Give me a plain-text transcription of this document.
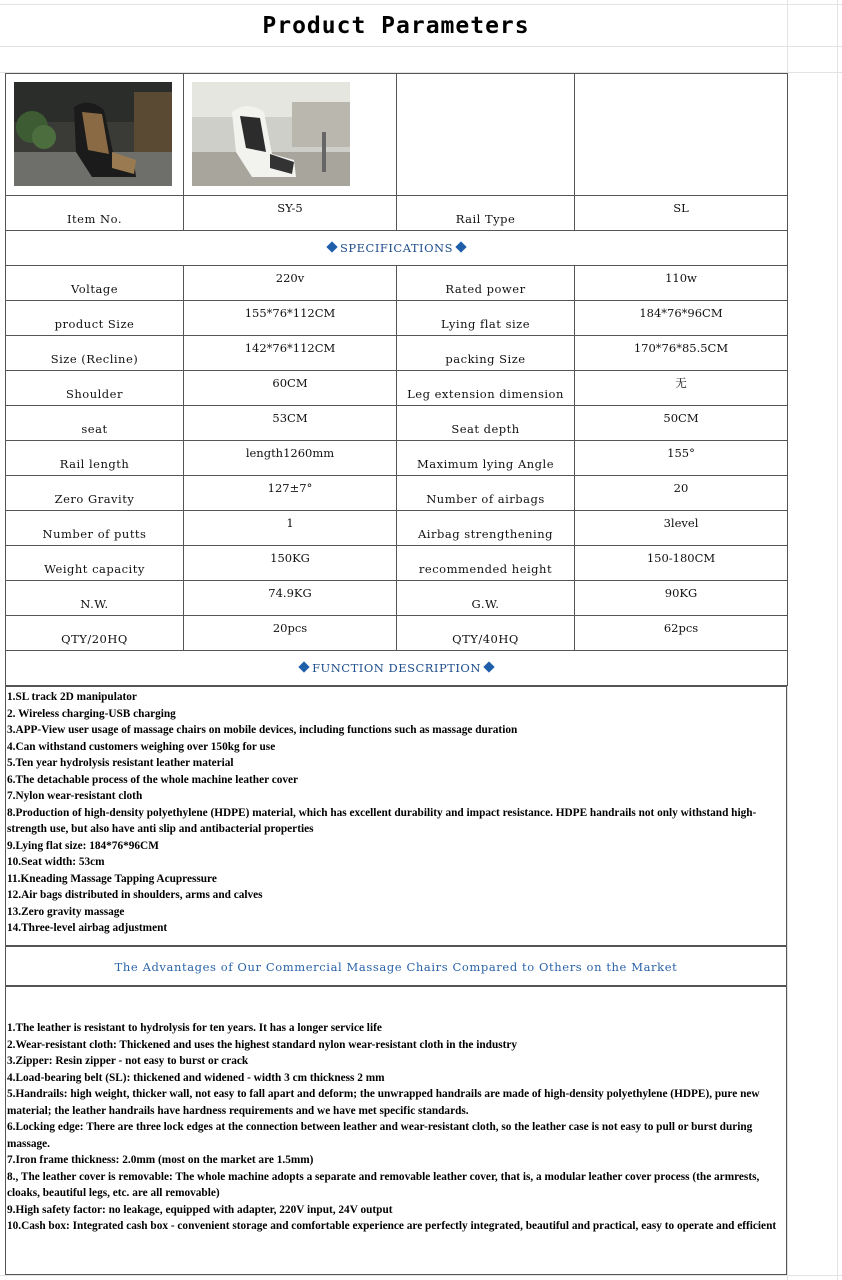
Product Parameters

Item No.	SY-5	Rail Type	SL

SPECIFICATIONS			

Voltage	220v	Rated power	110w

product Size	155*76*112CM	Lying flat size	184*76*96CM

Size (Recline)	142*76*112CM	packing Size	170*76*85.5CM

Shoulder	60CM	Leg extension dimension	无

seat	53CM	Seat depth	50CM

Rail length	length1260mm	Maximum lying Angle	155°

Zero Gravity	127±7°	Number of airbags	20

Number of putts	1	Airbag strengthening	3level

Weight capacity	150KG	recommended height	150-180CM

N.W.	74.9KG	G.W.	90KG

QTY/20HQ	20pcs	QTY/40HQ	62pcs

FUNCTION DESCRIPTION			
1.SL track 2D manipulator
2. Wireless charging-USB charging
3.APP-View user usage of massage chairs on mobile devices, including functions such as massage duration
4.Can withstand customers weighing over 150kg for use
5.Ten year hydrolysis resistant leather material
6.The detachable process of the whole machine leather cover
7.Nylon wear-resistant cloth
8.Production of high-density polyethylene (HDPE) material, which has excellent durability and impact resistance. HDPE handrails not only withstand high-strength use, but also have anti slip and antibacterial properties
9.Lying flat size: 184*76*96CM
10.Seat width: 53cm
11.Kneading Massage Tapping Acupressure
12.Air bags distributed in shoulders, arms and calves
13.Zero gravity massage
14.Three-level airbag adjustment
The Advantages of Our Commercial Massage Chairs Compared to Others on the Market
1.The leather is resistant to hydrolysis for ten years. It has a longer service life
2.Wear-resistant cloth: Thickened and uses the highest standard nylon wear-resistant cloth in the industry
3.Zipper: Resin zipper - not easy to burst or crack
4.Load-bearing belt (SL): thickened and widened - width 3 cm thickness 2 mm
5.Handrails: high weight, thicker wall, not easy to fall apart and deform; the unwrapped handrails are made of high-density polyethylene (HDPE), pure new material; the leather handrails have hardness requirements and we have met specific standards.
6.Locking edge: There are three lock edges at the connection between leather and wear-resistant cloth, so the leather case is not easy to pull or burst during massage.
7.Iron frame thickness: 2.0mm (most on the market are 1.5mm)
8., The leather cover is removable: The whole machine adopts a separate and removable leather cover, that is, a modular leather cover process (the armrests, cloaks, beautiful legs, etc. are all removable)
9.High safety factor: no leakage, equipped with adapter, 220V input, 24V output
10.Cash box: Integrated cash box - convenient storage and comfortable experience are perfectly integrated, beautiful and practical, easy to operate and efficient
